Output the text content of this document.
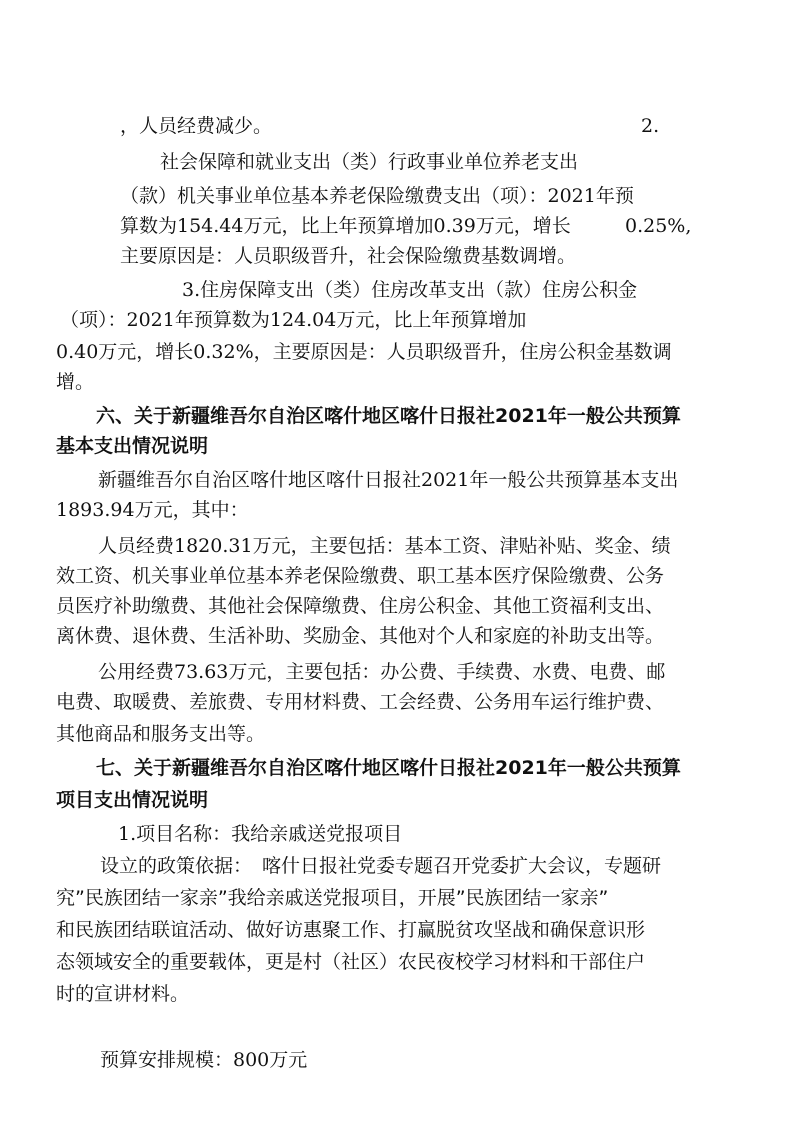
，人员经费减少。	2.
社会保障和就业支出（类）行政事业单位养老支出
（款）机关事业单位基本养老保险缴费支出（项）：2021年预
算数为154.44万元，比上年预算增加0.39万元，增长	0.25%,
主要原因是：人员职级晋升，社会保险缴费基数调增。
3.住房保障支出（类）住房改革支出（款）住房公积金
（项）：2021年预算数为124.04万元，比上年预算增加
0.40万元，增长0.32%，主要原因是：人员职级晋升，住房公积金基数调
增。
六、关于新疆维吾尔自治区喀什地区喀什日报社2021年一般公共预算
基本支出情况说明
新疆维吾尔自治区喀什地区喀什日报社2021年一般公共预算基本支出
1893.94万元，其中：
人员经费1820.31万元，主要包括：基本工资、津贴补贴、奖金、绩
效工资、机关事业单位基本养老保险缴费、职工基本医疗保险缴费、公务
员医疗补助缴费、其他社会保障缴费、住房公积金、其他工资福利支出、
离休费、退休费、生活补助、奖励金、其他对个人和家庭的补助支出等。
公用经费73.63万元，主要包括：办公费、手续费、水费、电费、邮
电费、取暖费、差旅费、专用材料费、工会经费、公务用车运行维护费、
其他商品和服务支出等。
七、关于新疆维吾尔自治区喀什地区喀什日报社2021年一般公共预算
项目支出情况说明
1.项目名称：我给亲戚送党报项目
设立的政策依据： 喀什日报社党委专题召开党委扩大会议，专题研
究”民族团结一家亲”我给亲戚送党报项目，开展”民族团结一家亲”
和民族团结联谊活动、做好访惠聚工作、打赢脱贫攻坚战和确保意识形
态领域安全的重要载体，更是村（社区）农民夜校学习材料和干部住户
时的宣讲材料。
预算安排规模：800万元
